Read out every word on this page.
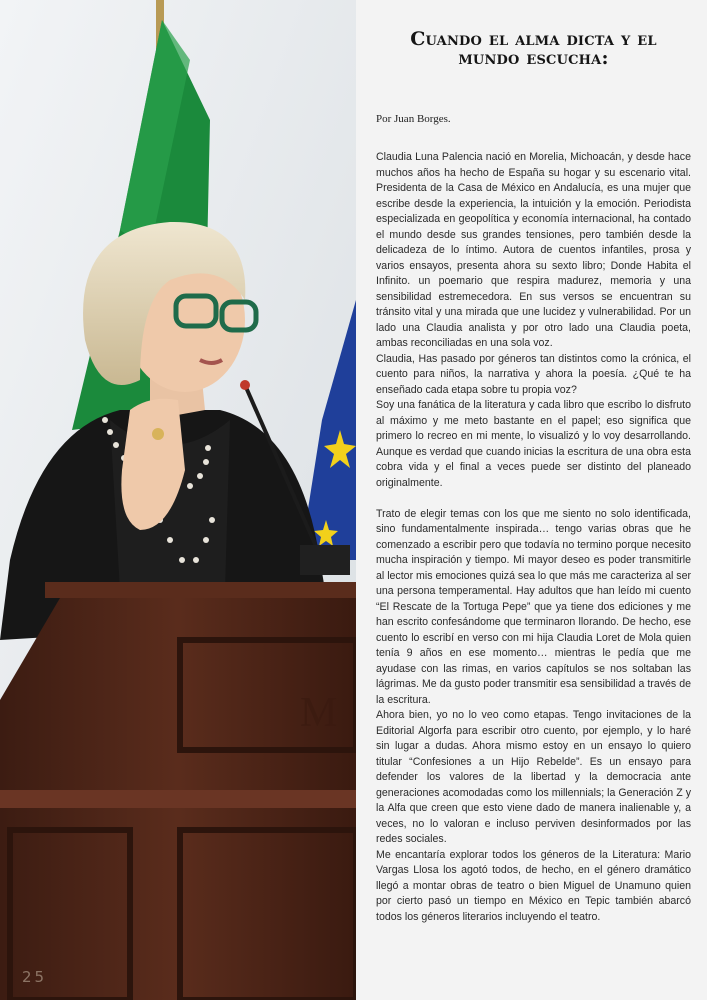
M
25
Cuando el alma dicta y el
mundo escucha:
Por Juan Borges.

Claudia Luna Palencia nació en Morelia, Michoacán, y desde hace muchos años ha hecho de España su hogar y su escenario vital. Presidenta de la Casa de México en Andalucía, es una mujer que escribe desde la experiencia, la intuición y la emoción. Periodista especializada en geopolítica y economía internacional, ha contado el mundo desde sus grandes tensiones, pero también desde la delicadeza de lo íntimo. Autora de cuentos infantiles, prosa y varios ensayos, presenta ahora su sexto libro; Donde Habita el Infinito. un poemario que respira madurez, memoria y una sensibilidad estremecedora. En sus versos se encuentran su tránsito vital y una mirada que une lucidez y vulnerabilidad. Por un lado una Claudia analista y por otro lado una Claudia poeta, ambas reconciliadas en una sola voz.

Claudia, Has pasado por géneros tan distintos como la crónica, el cuento para niños, la narrativa y ahora la poesía. ¿Qué te ha enseñado cada etapa sobre tu propia voz?

Soy una fanática de la literatura y cada libro que escribo lo disfruto al máximo y me meto bastante en el papel; eso significa que primero lo recreo en mi mente, lo visualizó y lo voy desarrollando. Aunque es verdad que cuando inicias la escritura de una obra esta cobra vida y el final a veces puede ser distinto del planeado originalmente.

Trato de elegir temas con los que me siento no solo identificada, sino fundamentalmente inspirada… tengo varias obras que he comenzado a escribir pero que todavía no termino porque necesito mucha inspiración y tiempo. Mi mayor deseo es poder transmitirle al lector mis emociones quizá sea lo que más me caracteriza al ser una persona temperamental. Hay adultos que han leído mi cuento “El Rescate de la Tortuga Pepe” que ya tiene dos ediciones y me han escrito confesándome que terminaron llorando. De hecho, ese cuento lo escribí en verso con mi hija Claudia Loret de Mola quien tenía 9 años en ese momento… mientras le pedía que me ayudase con las rimas, en varios capítulos se nos soltaban las lágrimas. Me da gusto poder transmitir esa sensibilidad a través de la escritura.

Ahora bien, yo no lo veo como etapas. Tengo invitaciones de la Editorial Algorfa para escribir otro cuento, por ejemplo, y lo haré sin lugar a dudas. Ahora mismo estoy en un ensayo lo quiero titular “Confesiones a un Hijo Rebelde”. Es un ensayo para defender los valores de la libertad y la democracia ante generaciones acomodadas como los millennials; la Generación Z y la Alfa que creen que esto viene dado de manera inalienable y, a veces, no lo valoran e incluso perviven desinformados por las redes sociales.

Me encantaría explorar todos los géneros de la Literatura: Mario Vargas Llosa los agotó todos, de hecho, en el género dramático llegó a montar obras de teatro o bien Miguel de Unamuno quien por cierto pasó un tiempo en México en Tepic también abarcó todos los géneros literarios incluyendo el teatro.
